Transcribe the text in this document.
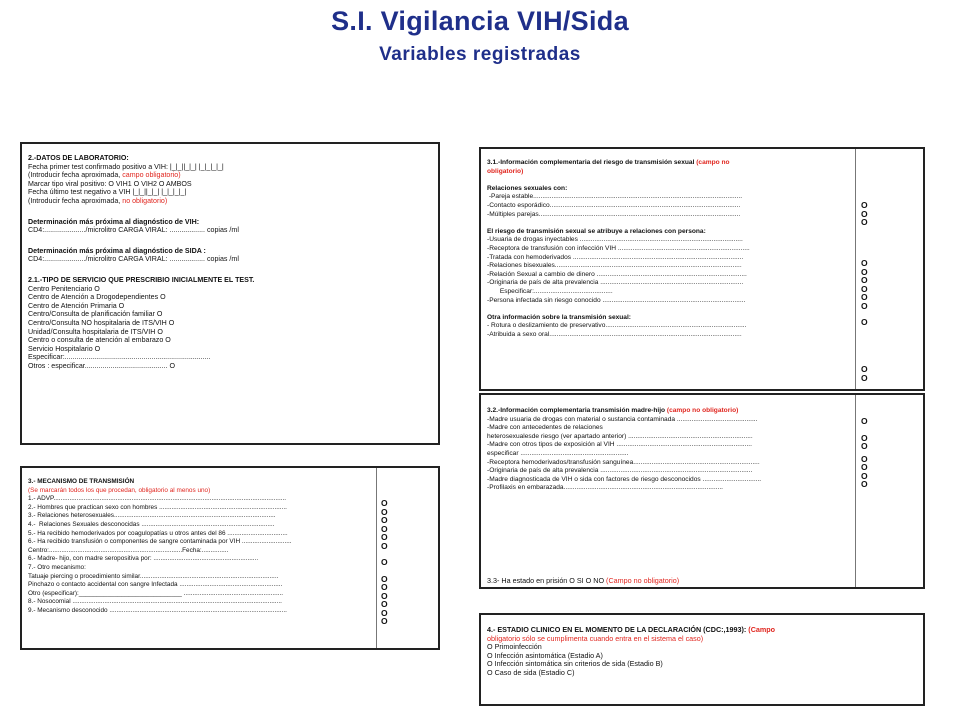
S.I. Vigilancia VIH/Sida
Variables registradas
2.-DATOS DE LABORATORIO:
Fecha primer test confirmado positivo a VIH: |_|_||_|_| |_|_|_|_|
(Introducir fecha aproximada, campo obligatorio)
Marcar tipo viral positivo: O VIH1 O VIH2 O AMBOS
Fecha último test negativo a VIH |_|_||_|_| |_|_|_|_|
(Introducir fecha aproximada, no obligatorio)
Determinación más próxima al diagnóstico de VIH:
CD4:...................../microlitro CARGA VIRAL: .................. copias /ml
Determinación más próxima al diagnóstico de SIDA :
CD4:...................../microlitro CARGA VIRAL: .................. copias /ml
2.1.-TIPO DE SERVICIO QUE PRESCRIBIO INICIALMENTE EL TEST.
Centro Penitenciario O
Centro de Atención a Drogodependientes O
Centro de Atención Primaria O
Centro/Consulta de planificación familiar O
Centro/Consulta NO hospitalaria de ITS/VIH O
Unidad/Consulta hospitalaria de ITS/VIH O
Centro o consulta de atención al embarazo O
Servicio Hospitalario O
Especificar:..........................................................................
Otros : especificar.......................................... O
3.- MECANISMO DE TRANSMISIÓN
(Se marcarán todos los que procedan, obligatorio al menos uno)
1.- ADVP...................................................................................................................................
2.- Hombres que practican sexo con hombres ........................................................................
3.- Relaciones heterosexuales...........................................................................................
4.-  Relaciones Sexuales desconocidas ...........................................................................
5.- Ha recibido hemoderivados por coagulopatías u otros antes del 86 ..................................
6.- Ha recibido transfusión o componentes de sangre contaminada por VIH ............................
Centro:...........................................................................Fecha:...............
6.- Madre- hijo, con madre seropositiva por: ...........................................................
7.- Otro mecanismo:
Tatuaje piercing o procedimiento similar..............................................................................
Pinchazo o contacto accidental con sangre Infectada ..........................................................
Otro (especificar):_____________________________ ........................................................
8.- Nosocomial ......................................................................................................................
9.- Mecanismo desconocido ....................................................................................................
O
O
O
O
O
O
O
O
O
O
O
O
O
3.1.-Información complementaria del riesgo de transmisión sexual (campo no
obligatorio)
Relaciones sexuales con:
-Pareja estable..................................................................................................................
-Contacto esporádico........................................................................................................
-Múltiples parejas..............................................................................................................
El riesgo de transmisión sexual se atribuye a relaciones con persona:
-Usuaria de drogas inyectables .........................................................................................
-Receptora de transfusión con infección VIH ........................................................................
-Tratada con hemoderivados .............................................................................................
-Relaciones bisexuales......................................................................................................
-Relación Sexual a cambio de dinero ..................................................................................
-Originaria de país de alta prevalencia ..............................................................................
Especificar:...........................................
-Persona infectada sin riesgo conocido ..............................................................................
Otra información sobre la transmisión sexual:
- Rotura o deslizamiento de preservativo.............................................................................
-Atribuida a sexo oral.........................................................................................................
O
O
O
O
O
O
O
O
O
O
O
O
3.2.-Información complementaria transmisión madre-hijo (campo no obligatorio)
-Madre usuaria de drogas con material o sustancia contaminada ............................................
-Madre con antecedentes de relaciones
heterosexualesde riesgo (ver apartado anterior) ....................................................................
-Madre con otros tipos de exposición al VIH ..........................................................................
especificar ...........................................................
-Receptora hemoderivados/transfusión sanguínea.....................................................................
-Originaria de país de alta prevalencia ...................................................................................
-Madre diagnosticada de VIH o sida con factores de riesgo desconocidos ................................
-Profilaxis en embarazada.......................................................................................
3.3- Ha estado en prisión O SI O NO (Campo no obligatorio)
O
O
O
O
O
O
O
4.- ESTADIO CLINICO EN EL MOMENTO DE LA DECLARACIÓN (CDC:,1993): (Campo
obligatorio sólo se cumplimenta cuando entra en el sistema el caso)
O Primoinfección
O Infección asintomática (Estadio A)
O Infección sintomática sin criterios de sida (Estadio B)
O Caso de sida (Estadio C)
